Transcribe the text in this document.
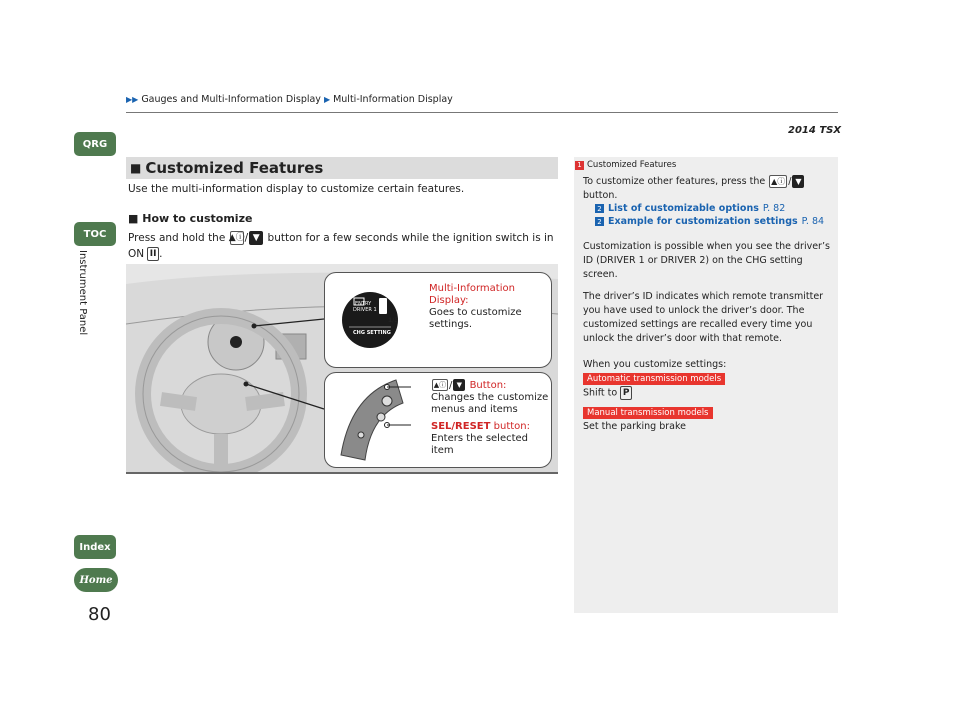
▶▶ Gauges and Multi-Information Display ▶ Multi-Information Display
2014 TSX
QRG
TOC
Instrument Panel
Index
Home
80
■ Customized Features
Use the multi-information display to customize certain features.
■ How to customize
Press and hold the ▲ⓘ/ ▼ button for a few seconds while the ignition switch is in
ON II .
ENTRY
DRIVER 1
1/3
CHG SETTING
Multi-Information Display:
Goes to customize settings.
▲ⓘ / ▼ Button:
Changes the customize menus and items
SEL/RESET button:
Enters the selected item
1 Customized Features
To customize other features, press the ▲ⓘ / ▼
button.
2 List of customizable options P. 82
2 Example for customization settings P. 84
Customization is possible when you see the driver’s ID (DRIVER 1 or DRIVER 2) on the CHG setting screen.
The driver’s ID indicates which remote transmitter you have used to unlock the driver’s door. The customized settings are recalled every time you unlock the driver’s door with that remote.
When you customize settings:
Automatic transmission models
Shift to P
Manual transmission models
Set the parking brake
